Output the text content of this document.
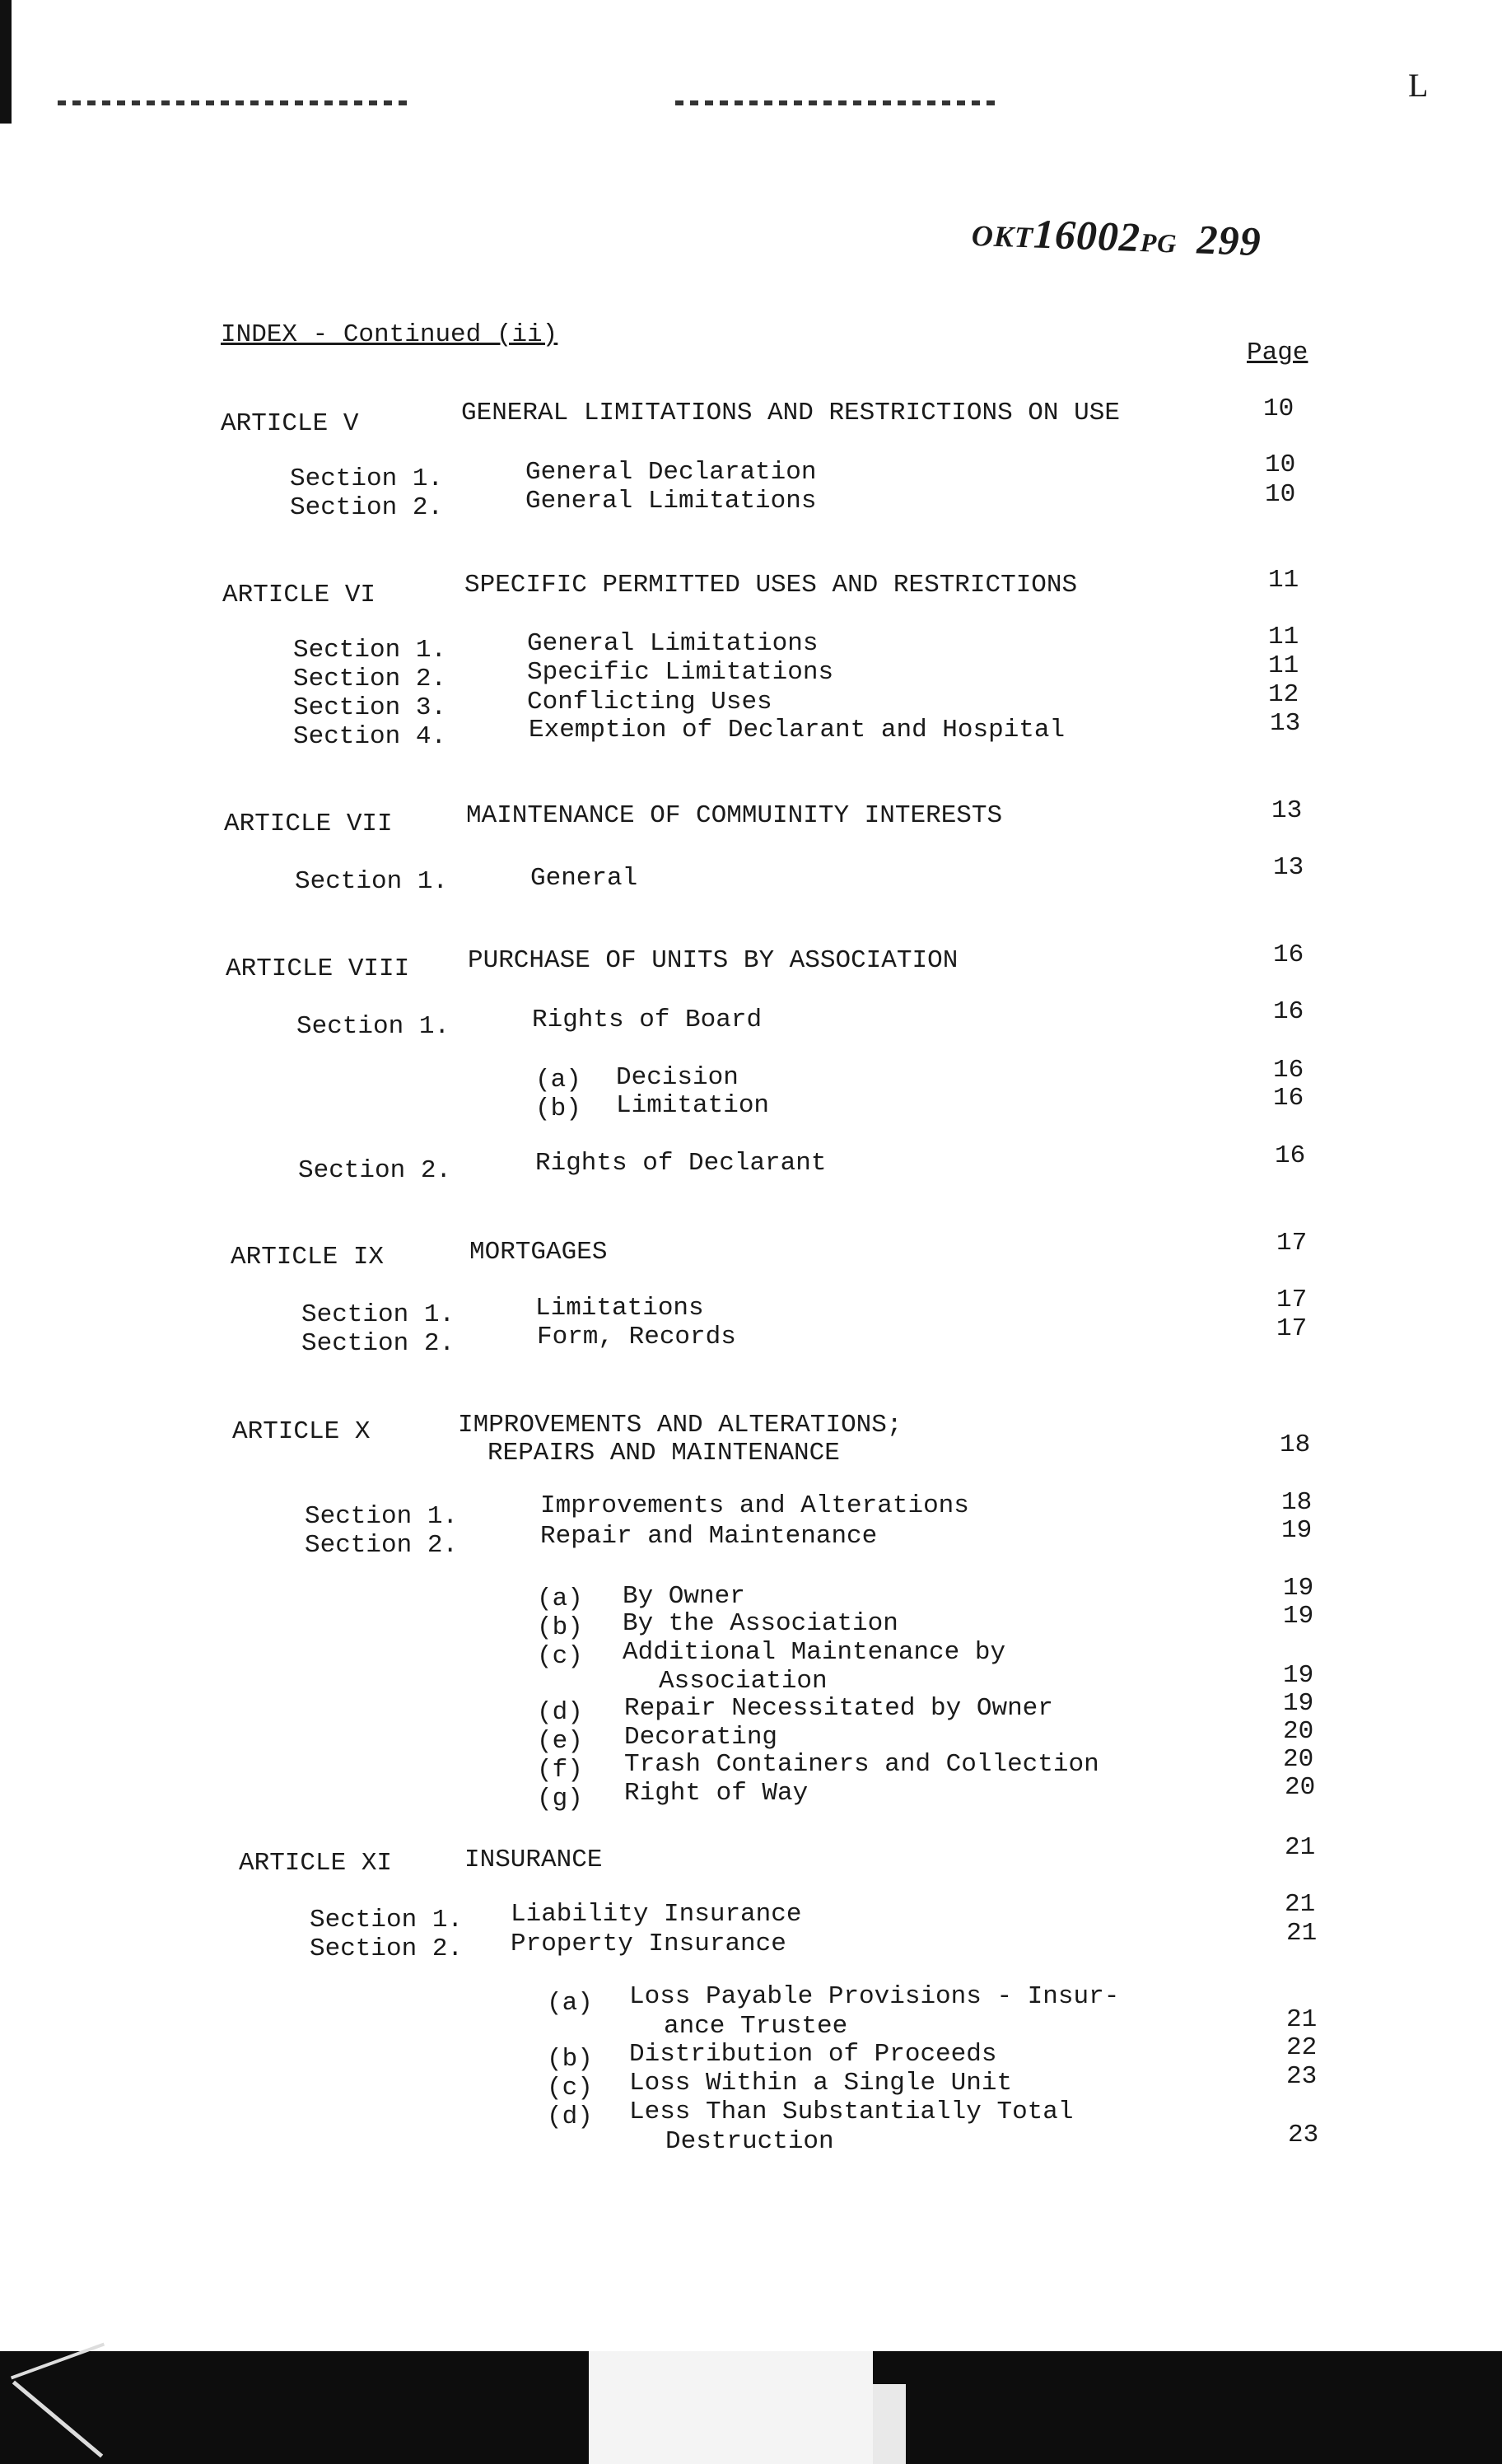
L
OKT16002PG 299
INDEX - Continued (ii)
Page
ARTICLE V	GENERAL LIMITATIONS AND RESTRICTIONS ON USE	10
Section 1.	General Declaration	10
Section 2.	General Limitations	10
ARTICLE VI	SPECIFIC PERMITTED USES AND RESTRICTIONS	11
Section 1.	General Limitations	11
Section 2.	Specific Limitations	11
Section 3.	Conflicting Uses	12
Section 4.	Exemption of Declarant and Hospital	13
ARTICLE VII	MAINTENANCE OF COMMUINITY INTERESTS	13
Section 1.	General	13
ARTICLE VIII PURCHASE OF UNITS BY ASSOCIATION	16
Section 1.	Rights of Board	16
(a) Decision	16
(b) Limitation	16
Section 2.	Rights of Declarant	16
ARTICLE IX	MORTGAGES	17
Section 1.	Limitations	17
Section 2.	Form, Records	17
ARTICLE X	IMPROVEMENTS AND ALTERATIONS;
REPAIRS AND MAINTENANCE	18
Section 1.	Improvements and Alterations	18
Section 2.	Repair and Maintenance	19
(a) By Owner	19
(b) By the Association	19
(c) Additional Maintenance by
Association	19
(d) Repair Necessitated by Owner	19
(e) Decorating	20
(f) Trash Containers and Collection	20
(g) Right of Way	20
ARTICLE XI	INSURANCE	21
Section 1. Liability Insurance	21
Section 2. Property Insurance	21
(a) Loss Payable Provisions - Insur-
ance Trustee	21
(b) Distribution of Proceeds	22
(c) Loss Within a Single Unit	23
(d) Less Than Substantially Total
Destruction	23
